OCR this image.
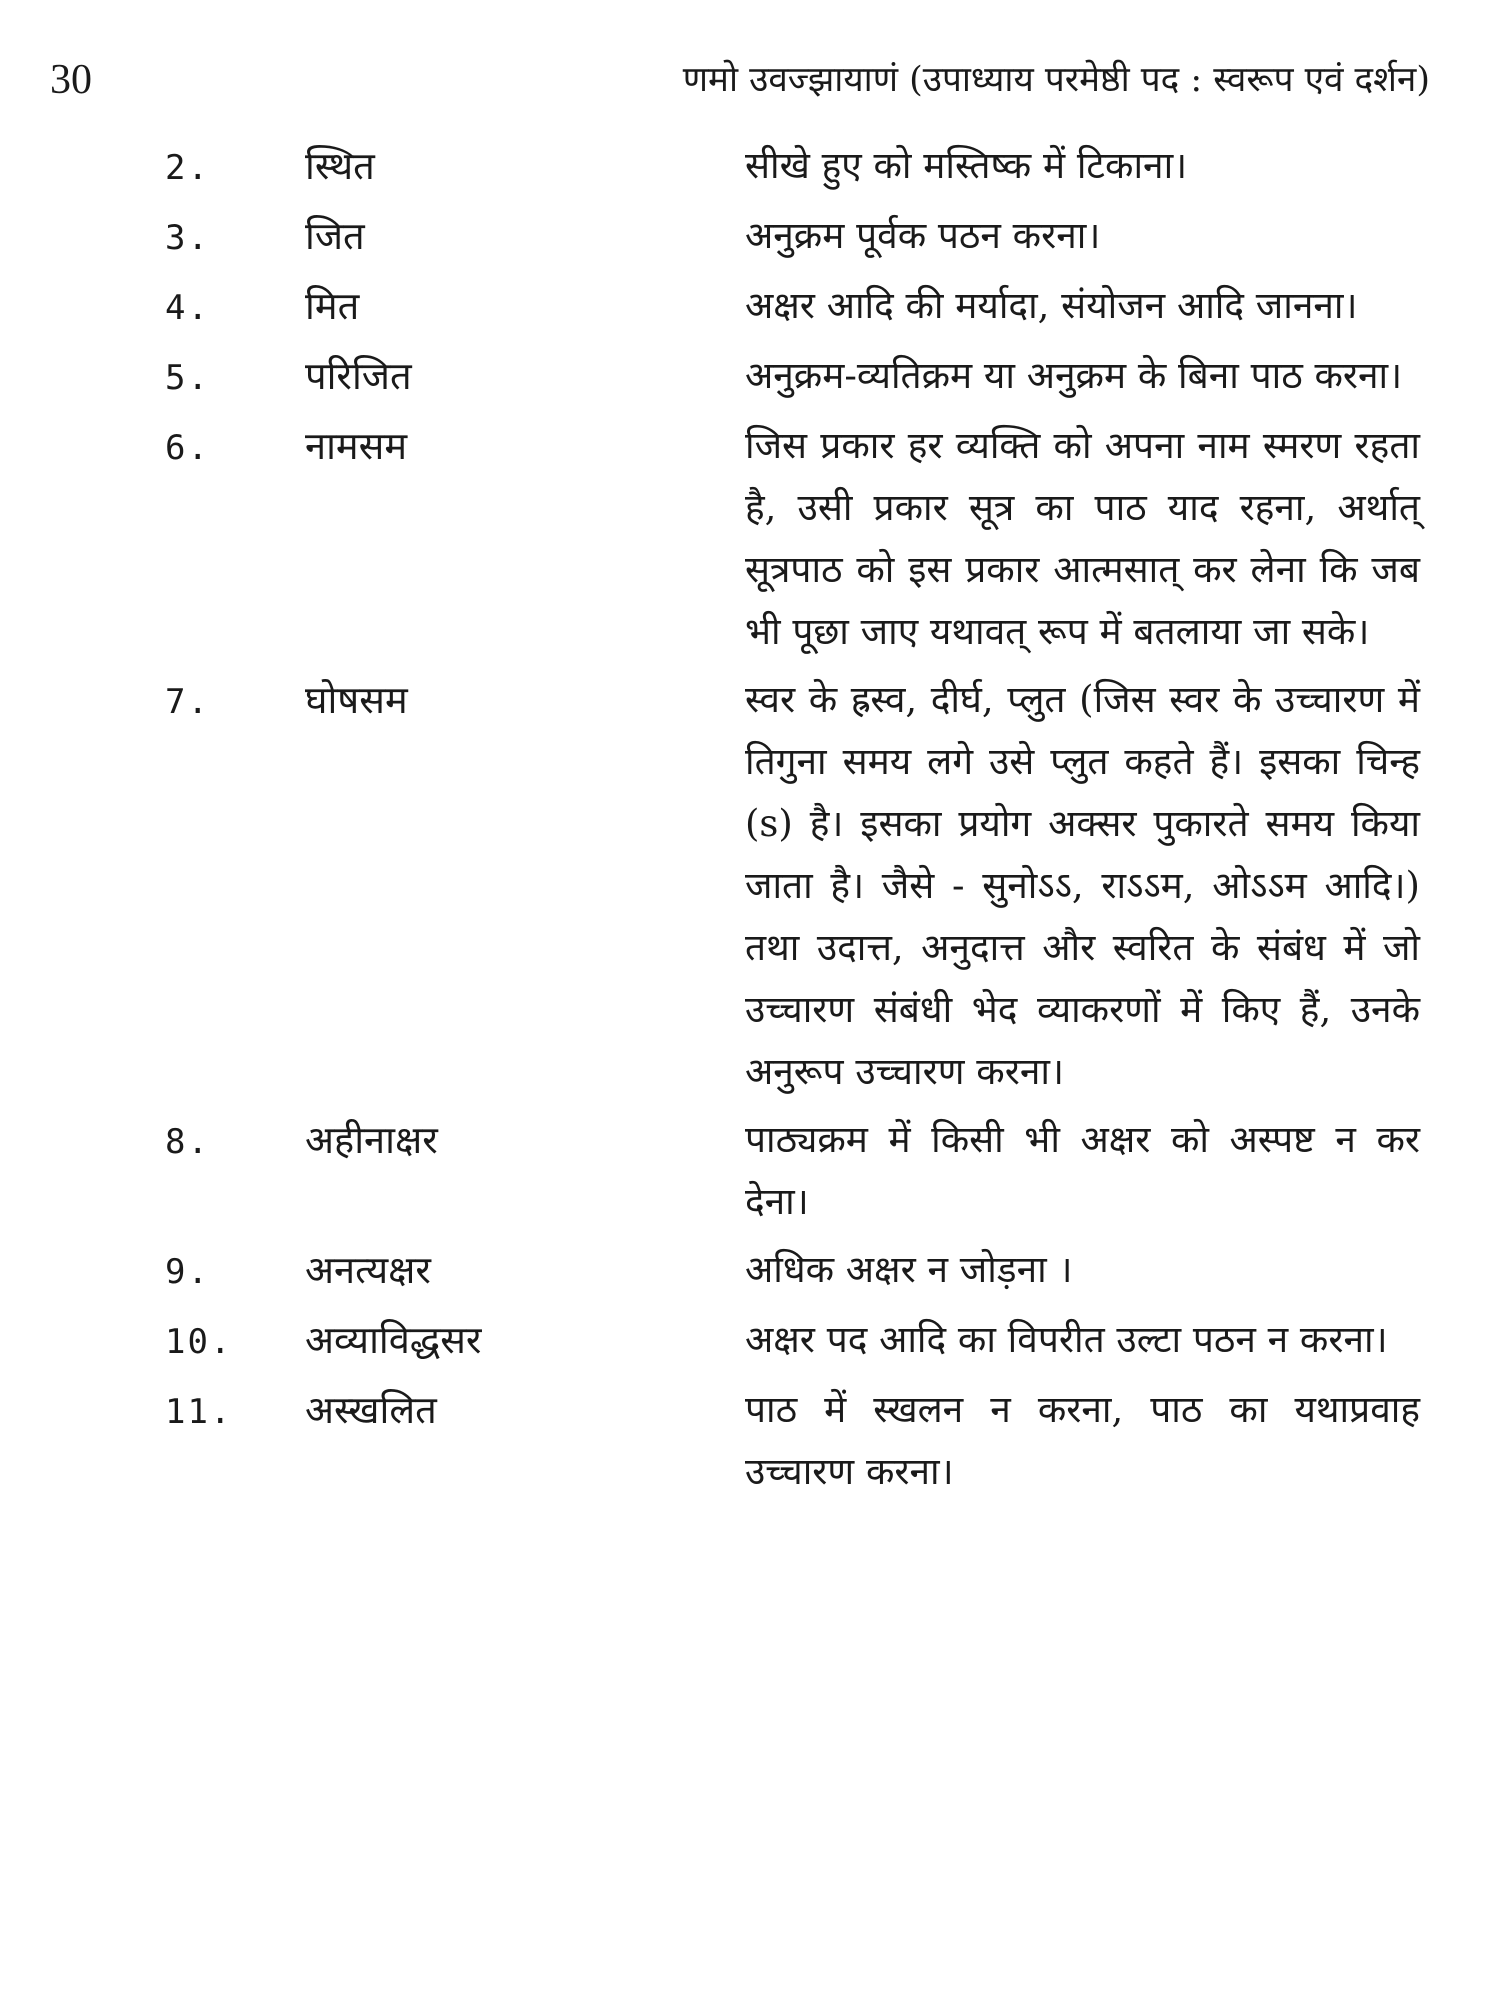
30	णमो उवज्झायाणं (उपाध्याय परमेष्ठी पद : स्वरूप एवं दर्शन)
2.	स्थित	सीखे हुए को मस्तिष्क में टिकाना।
3.	जित	अनुक्रम पूर्वक पठन करना।
4.	मित	अक्षर आदि की मर्यादा, संयोजन आदि जानना।
5.	परिजित	अनुक्रम-व्यतिक्रम या अनुक्रम के बिना पाठ करना।
6.	नामसम	जिस प्रकार हर व्यक्ति को अपना नाम स्मरण रहता है, उसी प्रकार सूत्र का पाठ याद रहना, अर्थात् सूत्रपाठ को इस प्रकार आत्मसात् कर लेना कि जब भी पूछा जाए यथावत् रूप में बतलाया जा सके।
7.	घोषसम	स्वर के ह्रस्व, दीर्घ, प्लुत (जिस स्वर के उच्चारण में तिगुना समय लगे उसे प्लुत कहते हैं। इसका चिन्ह (s) है। इसका प्रयोग अक्सर पुकारते समय किया जाता है। जैसे - सुनोऽऽ, राऽऽम, ओऽऽम आदि।) तथा उदात्त, अनुदात्त और स्वरित के संबंध में जो उच्चारण संबंधी भेद व्याकरणों में किए हैं, उनके अनुरूप उच्चारण करना।
8.	अहीनाक्षर	पाठ्यक्रम में किसी भी अक्षर को अस्पष्ट न कर देना।
9.	अनत्यक्षर	अधिक अक्षर न जोड़ना ।
10.	अव्याविद्धसर	अक्षर पद आदि का विपरीत उल्टा पठन न करना।
11.	अस्खलित	पाठ में स्खलन न करना, पाठ का यथाप्रवाह उच्चारण करना।
